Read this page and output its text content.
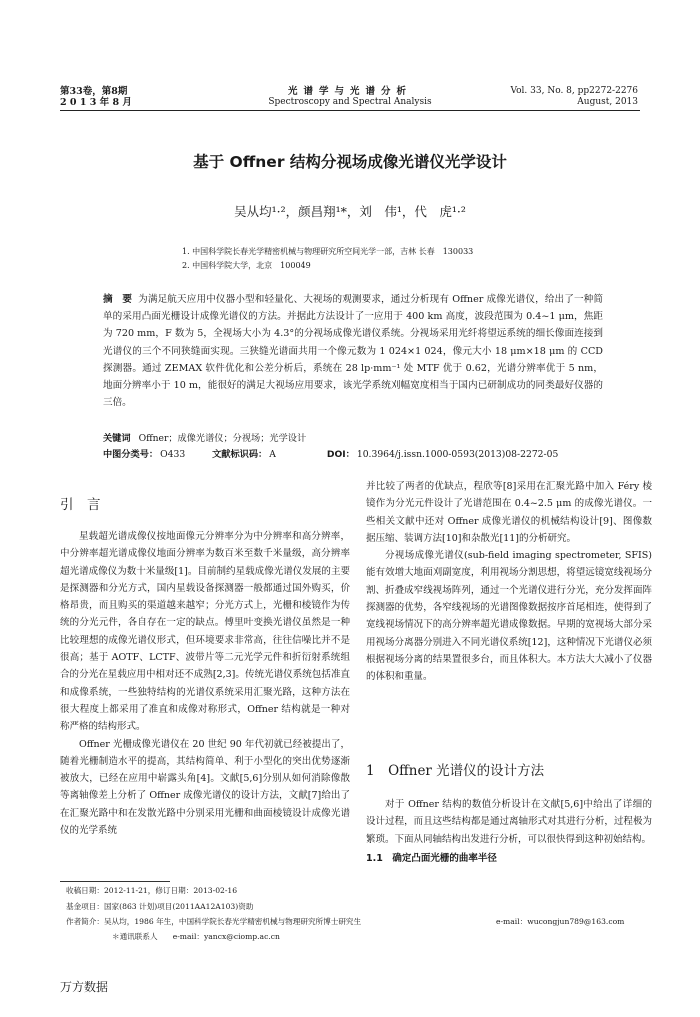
第33卷，第8期
2 0 1 3 年 8 月
光谱学与光谱分析
Spectroscopy and Spectral Analysis
Vol. 33, No. 8, pp2272-2276
August, 2013
基于 Offner 结构分视场成像光谱仪光学设计
吴从均¹·²，颜昌翔¹*，刘　伟¹，代　虎¹·²
1. 中国科学院长春光学精密机械与物理研究所空间光学一部，吉林 长春　130033
2. 中国科学院大学，北京　100049
摘　要 为满足航天应用中仪器小型和轻量化、大视场的观测要求，通过分析现有 Offner 成像光谱仪，给出了一种简单的采用凸面光栅设计成像光谱仪的方法。并据此方法设计了一应用于 400 km 高度，波段范围为 0.4~1 μm，焦距为 720 mm，F 数为 5，全视场大小为 4.3°的分视场成像光谱仪系统。分视场采用光纤将望远系统的细长像面连接到光谱仪的三个不同狭缝面实现。三狭缝光谱面共用一个像元数为 1 024×1 024，像元大小 18 μm×18 μm 的 CCD 探测器。通过 ZEMAX 软件优化和公差分析后，系统在 28 lp·mm⁻¹ 处 MTF 优于 0.62，光谱分辨率优于 5 nm，地面分辨率小于 10 m，能很好的满足大视场应用要求，该光学系统刈幅宽度相当于国内已研制成功的同类最好仪器的三倍。
关键词 Offner；成像光谱仪；分视场；光学设计
中图分类号： O433	文献标识码： A	DOI： 10.3964/j.issn.1000-0593(2013)08-2272-05
引　言

星载超光谱成像仪按地面像元分辨率分为中分辨率和高分辨率，中分辨率超光谱成像仪地面分辨率为数百米至数千米量级，高分辨率超光谱成像仪为数十米量级[1]。目前制约星载成像光谱仪发展的主要是探测器和分光方式，国内星载设备探测器一般都通过国外购买，价格昂贵，而且购买的渠道越来越窄；分光方式上，光栅和棱镜作为传统的分光元件，各自存在一定的缺点。傅里叶变换光谱仪虽然是一种比较理想的成像光谱仪形式，但环境要求非常高，往往信噪比并不是很高；基于 AOTF、LCTF、波带片等二元光学元件和折衍射系统组合的分光在星载应用中相对还不成熟[2,3]。传统光谱仪系统包括准直和成像系统，一些独特结构的光谱仪系统采用汇聚光路，这种方法在很大程度上都采用了准直和成像对称形式，Offner 结构就是一种对称严格的结构形式。

Offner 光栅成像光谱仪在 20 世纪 90 年代初就已经被提出了，随着光栅制造水平的提高，其结构简单、利于小型化的突出优势逐渐被放大，已经在应用中崭露头角[4]。文献[5,6]分别从如何消除像散等离轴像差上分析了 Offner 成像光谱仪的设计方法，文献[7]给出了在汇聚光路中和在发散光路中分别采用光栅和曲面棱镜设计成像光谱仪的光学系统

并比较了两者的优缺点，程欣等[8]采用在汇聚光路中加入 Féry 棱镜作为分光元件设计了光谱范围在 0.4~2.5 μm 的成像光谱仪。一些相关文献中还对 Offner 成像光谱仪的机械结构设计[9]、图像数据压缩、装调方法[10]和杂散光[11]的分析研究。

分视场成像光谱仪(sub-field imaging spectrometer, SFIS)能有效增大地面刈副宽度，利用视场分割思想，将望远镜宽线视场分割、折叠成窄线视场阵列，通过一个光谱仪进行分光，充分发挥面阵探测器的优势，各窄线视场的光谱图像数据按序首尾相连，使得到了宽线视场情况下的高分辨率超光谱成像数据。早期的宽视场大部分采用视场分离器分别进入不同光谱仪系统[12]，这种情况下光谱仪必须根据视场分离的结果置很多台，而且体积大。本方法大大减小了仪器的体积和重量。

1　Offner 光谱仪的设计方法

对于 Offner 结构的数值分析设计在文献[5,6]中给出了详细的设计过程，而且这些结构都是通过离轴形式对其进行分析，过程极为繁琐。下面从同轴结构出发进行分析，可以很快得到这种初始结构。

1.1　确定凸面光栅的曲率半径
收稿日期：2012-11-21，修订日期：2013-02-16
基金项目：国家(863 计划)项目(2011AA12A103)资助
作者简介：吴从均，1986 年生，中国科学院长春光学精密机械与物理研究所博士研究生	e-mail：wucongjun789@163.com
＊通讯联系人　　e-mail：yancx@ciomp.ac.cn
万方数据
